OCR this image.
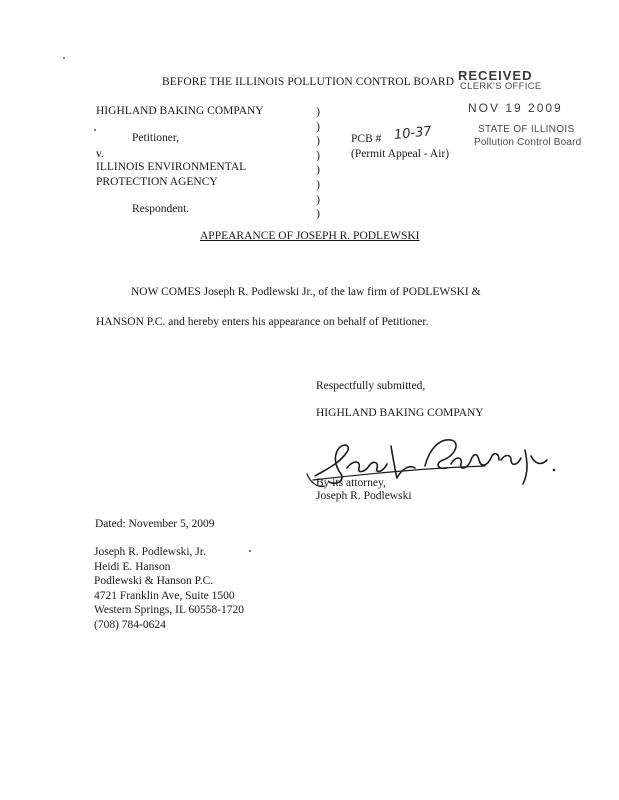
BEFORE THE ILLINOIS POLLUTION CONTROL BOARD RECEIVED
CLERK'S OFFICE
NOV 19 2009
STATE OF ILLINOIS
Pollution Control Board
HIGHLAND BAKING COMPANY
Petitioner,
v.
ILLINOIS ENVIRONMENTAL
PROTECTION AGENCY
Respondent.
)
)
)
)
)
)
)
)
PCB # 10-37
(Permit Appeal - Air)
APPEARANCE OF JOSEPH R. PODLEWSKI
NOW COMES Joseph R. Podlewski Jr., of the law firm of PODLEWSKI &
HANSON P.C. and hereby enters his appearance on behalf of Petitioner.
Respectfully submitted,
HIGHLAND BAKING COMPANY
By its attorney,
Joseph R. Podlewski
Dated: November 5, 2009
Joseph R. Podlewski, Jr.
Heidi E. Hanson
Podlewski & Hanson P.C.
4721 Franklin Ave, Suite 1500
Western Springs, IL 60558-1720
(708) 784-0624
